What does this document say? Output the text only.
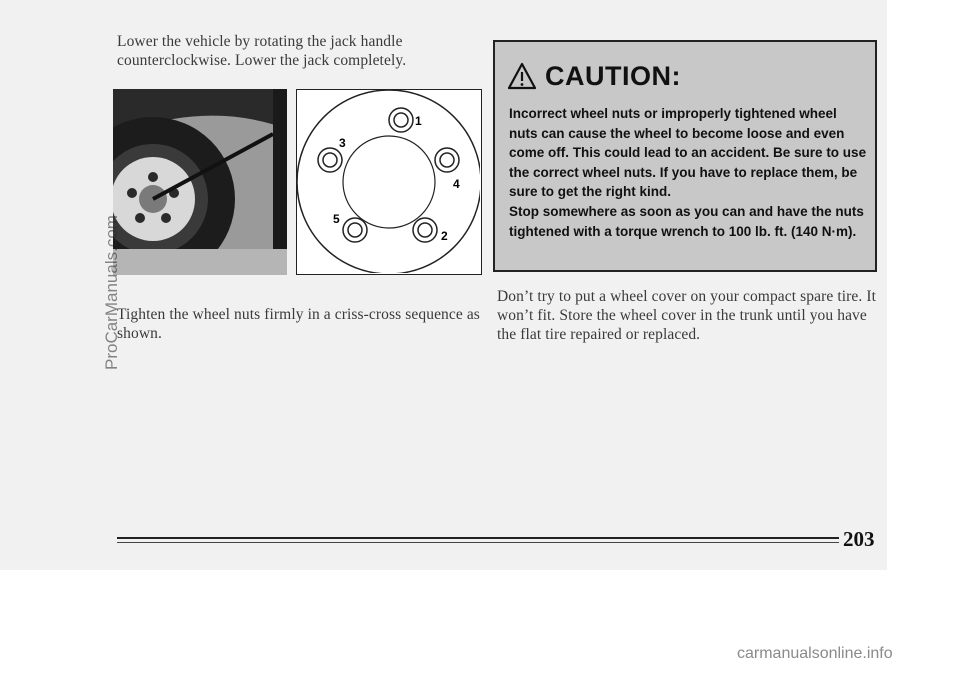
Lower the vehicle by rotating the jack handle counterclockwise. Lower the jack completely.

1
2
3
4
5

Tighten the wheel nuts firmly in a criss-cross sequence as shown.

CAUTION:

Incorrect wheel nuts or improperly tightened wheel nuts can cause the wheel to become loose and even come off. This could lead to an accident. Be sure to use the correct wheel nuts. If you have to replace them, be sure to get the right kind.

Stop somewhere as soon as you can and have the nuts tightened with a torque wrench to 100 lb. ft. (140 N·m).

Don’t try to put a wheel cover on your compact spare tire. It won’t fit. Store the wheel cover in the trunk until you have the flat tire repaired or replaced.

203
ProCarManuals.com
carmanualsonline.info
